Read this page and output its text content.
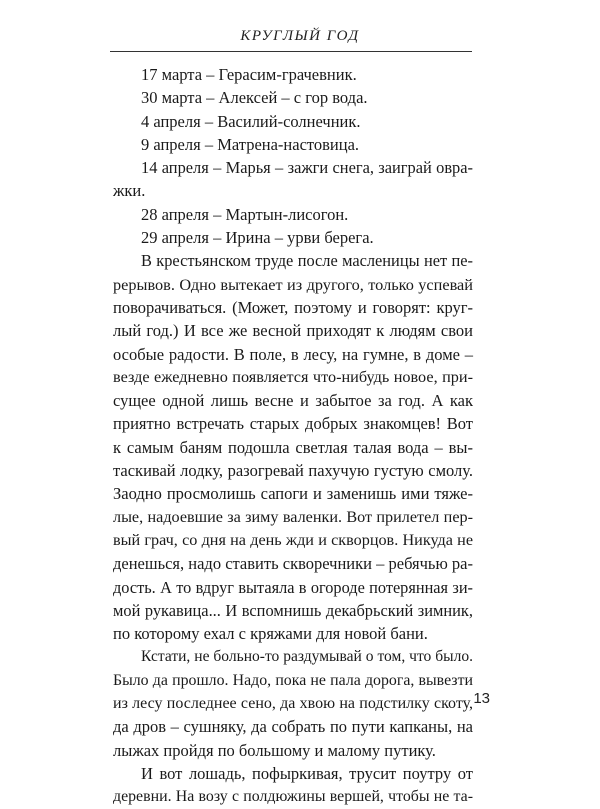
КРУГЛЫЙ ГОД
17 марта – Герасим-грачевник.
30 марта – Алексей – с гор вода.
4 апреля – Василий-солнечник.
9 апреля – Матрена-настовица.
14 апреля – Марья – зажги снега, заиграй овра-
жки.
28 апреля – Мартын-лисогон.
29 апреля – Ирина – урви берега.
В крестьянском труде после масленицы нет пе-
рерывов. Одно вытекает из другого, только успевай
поворачиваться. (Может, поэтому и говорят: круг-
лый год.) И все же весной приходят к людям свои
особые радости. В поле, в лесу, на гумне, в доме –
везде ежедневно появляется что-нибудь новое, при-
сущее одной лишь весне и забытое за год. А как
приятно встречать старых добрых знакомцев! Вот
к самым баням подошла светлая талая вода – вы-
таскивай лодку, разогревай пахучую густую смолу.
Заодно просмолишь сапоги и заменишь ими тяже-
лые, надоевшие за зиму валенки. Вот прилетел пер-
вый грач, со дня на день жди и скворцов. Никуда не
денешься, надо ставить скворечники – ребячью ра-
дость. А то вдруг вытаяла в огороде потерянная зи-
мой рукавица... И вспомнишь декабрьский зимник,
по которому ехал с кряжами для новой бани.
Кстати, не больно-то раздумывай о том, что было.
Было да прошло. Надо, пока не пала дорога, вывезти
из лесу последнее сено, да хвою на подстилку скоту,
да дров – сушняку, да собрать по пути капканы, на
лыжах пройдя по большому и малому путику.
И вот лошадь, пофыркивая, трусит поутру от
деревни. На возу с полдюжины вершей, чтобы не та-
13
